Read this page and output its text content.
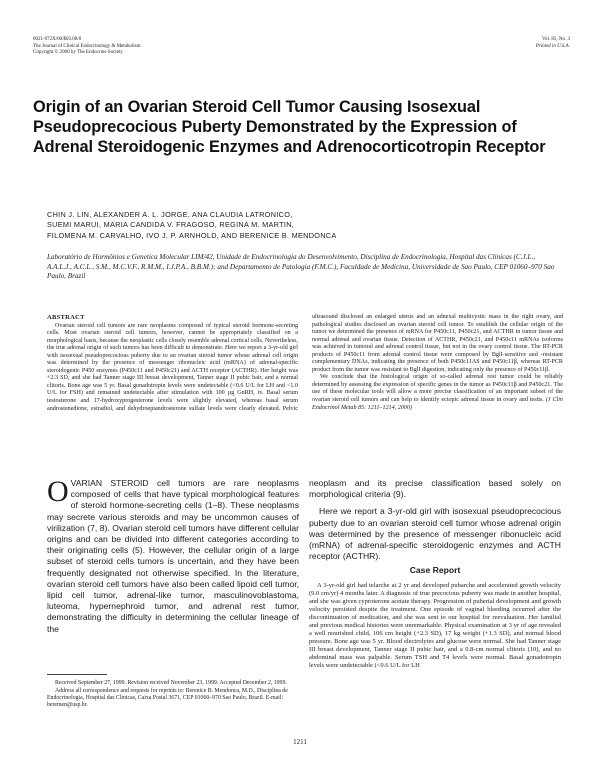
0021-972X/00/$03.00/0
The Journal of Clinical Endocrinology & Metabolism
Copyright © 2000 by The Endocrine Society
Vol. 85, No. 3
Printed in U.S.A.
Origin of an Ovarian Steroid Cell Tumor Causing Isosexual Pseudoprecocious Puberty Demonstrated by the Expression of Adrenal Steroidogenic Enzymes and Adrenocorticotropin Receptor
CHIN J. LIN, ALEXANDER A. L. JORGE, ANA CLAUDIA LATRONICO,
SUEMI MARUI, MARIA CANDIDA V. FRAGOSO, REGINA M. MARTIN,
FILOMENA M. CARVALHO, IVO J. P. ARNHOLD, AND BERENICE B. MENDONCA
Laboratório de Hormônios e Genetica Molecular LIM/42, Unidade de Endocrinologia do Desenvolvimento, Disciplina de Endocrinologia, Hospital das Clinicas (C.J.L., A.A.L.J., A.C.L., S.M., M.C.V.F., R.M.M., I.J.P.A., B.B.M.); and Departamento de Patologia (F.M.C.), Faculdade de Medicina, Universidade de Sao Paulo, CEP 01060–970 Sao Paulo, Brazil

ABSTRACT

Ovarian steroid cell tumors are rare neoplasms composed of typical steroid hormone-secreting cells. Most ovarian steroid cell tumors, however, cannot be appropriately classified on a morphological basis, because the neoplastic cells closely resemble adrenal cortical cells. Nevertheless, the true adrenal origin of such tumors has been difficult to demonstrate. Here we report a 3-yr-old girl with isosexual pseudoprecocious puberty due to an ovarian steroid tumor whose adrenal cell origin was determined by the presence of messenger ribonucleic acid (mRNA) of adrenal-specific steroidogenic P450 enzymes (P450c11 and P450c21) and ACTH receptor (ACTHR). Her height was +2.3 SD, and she had Tanner stage III breast development, Tanner stage II pubic hair, and a normal clitoris. Bone age was 5 yr. Basal gonadotropin levels were undetectable (<0.6 U/L for LH and <1.0 U/L for FSH) and remained undetectable after stimulation with 100 µg GnRH, iv. Basal serum testosterone and 17-hydroxyprogesterone levels were slightly elevated, whereas basal serum androstenedione, estradiol, and dehydroepiandrosterone sulfate levels were clearly elevated. Pelvic ultrasound disclosed an enlarged uterus and an adnexal multicystic mass in the right ovary, and pathological studies disclosed an ovarian steroid cell tumor. To establish the cellular origin of the tumor we determined the presence of mRNA for P450c11, P450c21, and ACTHR in tumor tissue and normal adrenal and ovarian tissue. Detection of ACTHR, P450c21, and P450c11 mRNAs isoforms was achieved in tumoral and adrenal control tissue, but not in the ovary control tissue. The RT-PCR products of P450c11 from adrenal control tissue were composed by BglI-sensitive and -resistant complementary DNAs, indicating the presence of both P450c11AS and P450c11β, whereas RT-PCR product from the tumor was resistant to BglI digestion, indicating only the presence of P450c11β.

We conclude that the histological origin of so-called adrenal rest tumor could be reliably determined by assessing the expression of specific genes in the tumor as P450c11β and P450c21. The use of these molecular tools will allow a more precise classification of an important subset of the ovarian steroid cell tumors and can help to identify ectopic adrenal tissue in ovary and testis. (J Clin Endocrinol Metab 85: 1211–1214, 2000)

O VARIAN STEROID cell tumors are rare neoplasms composed of cells that have typical morphological features of steroid hormone-secreting cells (1–8). These neoplasms may secrete various steroids and may be uncommon causes of virilization (7, 8). Ovarian steroid cell tumors have different cellular origins and can be divided into different categories according to their originating cells (5). However, the cellular origin of a large subset of steroid cells tumors is uncertain, and they have been frequently designated not otherwise specified. In the literature, ovarian steroid cell tumors have also been called lipoid cell tumor, lipid cell tumor, adrenal-like tumor, masculinovoblastoma, luteoma, hypernephroid tumor, and adrenal rest tumor, demonstrating the difficulty in determining the cellular lineage of the

neoplasm and its precise classification based solely on morphological criteria (9).

Here we report a 3-yr-old girl with isosexual pseudoprecocious puberty due to an ovarian steroid cell tumor whose adrenal origin was determined by the presence of messenger ribonucleic acid (mRNA) of adrenal-specific steroidogenic enzymes and ACTH receptor (ACTHR).

Case Report

A 3-yr-old girl had telarche at 2 yr and developed pubarche and accelerated growth velocity (9.0 cm/yr) 4 months later. A diagnosis of true precocious puberty was made in another hospital, and she was given cyproterone acetate therapy. Progression of pubertal development and growth velocity persisted despite the treatment. One episode of vaginal bleeding occurred after the discontinuation of medication, and she was sent to our hospital for reevaluation. Her familial and previous medical histories were unremarkable. Physical examination at 3 yr of age revealed a well nourished child, 106 cm height (+2.3 SD), 17 kg weight (+1.3 SD), and normal blood pressure. Bone age was 5 yr. Blood electrolytes and glucose were normal. She had Tanner stage III breast development, Tanner stage II pubic hair, and a 0.8-cm normal clitoris (10), and no abdominal mass was palpable. Serum TSH and T4 levels were normal. Basal gonadotropin levels were undetectable (<0.6 U/L for LH

Received September 27, 1999. Revision received November 23, 1999. Accepted December 2, 1999.

Address all correspondence and requests for reprints to: Berenice B. Mendonca, M.D., Disciplina de Endocrinologia, Hospital das Clinicas, Caixa Postal 3671, CEP 01060–970 Sao Paulo, Brazil. E-mail: beremen@usp.br.

1211
